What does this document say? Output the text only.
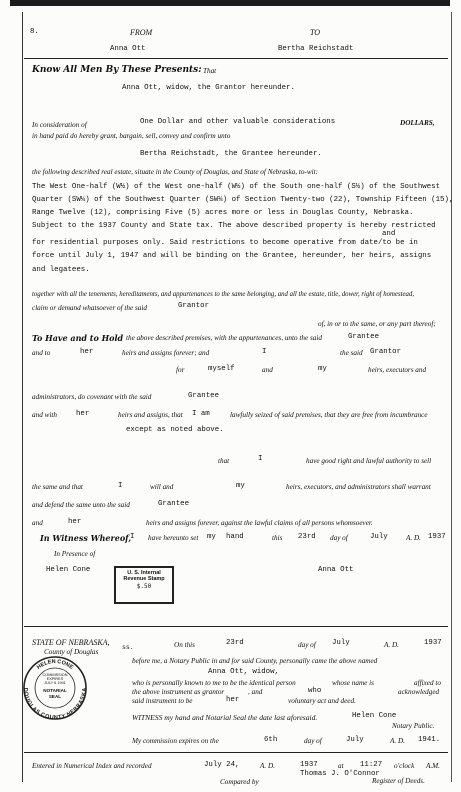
8.	FROM	TO
Anna Ott	Bertha Reichstadt
Know All Men By These Presents: That
Anna Ott, widow, the Grantor hereunder.
In consideration of	One Dollar and other valuable considerations	DOLLARS,
in hand paid do hereby grant, bargain, sell, convey and confirm unto
Bertha Reichstadt, the Grantee hereunder.
the following described real estate, situate in the County of Douglas, and State of Nebraska, to-wit:
The West One-half (W½) of the West one-half (W½) of the South one-half (S½) of the Southwest
Quarter (SW¼) of the Southwest Quarter (SW¼) of Section Twenty-two (22), Township Fifteen (15),
Range Twelve (12), comprising Five (5) acres more or less in Douglas County, Nebraska.
Subject to the 1937 County and State tax. The above described property is hereby restricted
and
for residential purposes only. Said restrictions to become operative from date/to be in
force until July 1, 1947 and will be binding on the Grantee, hereunder, her heirs, assigns
and legatees.
together with all the tenements, hereditaments, and appurtenances to the same belonging, and all the estate, title, dower, right of homestead,
claim or demand whatsoever of the said	Grantor
of, in or to the same, or any part thereof;
To Have and to Hold the above described premises, with the appurtenances, unto the said	Grantee
and to	her	heirs and assigns forever; and	I	the said Grantor
for	myself	and	my	heirs, executors and
administrators, do covenant with the said	Grantee
and with	her	heirs and assigns, that I am	lawfully seized of said premises, that they are free from incumbrance
except as noted above.
that	I	have good right and lawful authority to sell
the same and that	I	will and	my	heirs, executors, and administrators shall warrant
and defend the same unto the said	Grantee
and	her	heirs and assigns forever, against the lawful claims of all persons whomsoever.
In Witness Whereof,
I have hereunto set my hand	this 23rd day of	July	A. D. 1937
In Presence of
Helen Cone	Anna Ott
U. S. Internal
Revenue Stamp
$.50
STATE OF NEBRASKA,
County of Douglas
ss.	On this	23rd	day of July	A. D.	1937
before me, a Notary Public in and for said County, personally came the above named
Anna Ott, widow,
who is personally known to me to be the identical person	whose name is	affixed to
the above instrument as grantor	, and	who	acknowledged
said instrument to be	her	voluntary act and deed.
WITNESS my hand and Notarial Seal the date last aforesaid.	Helen Cone
Notary Public.
My commission expires on the	6th	day of	July	A. D. 1941.
HELEN CONE
DOUGLAS COUNTY NEBRASKA
COMMISSION
EXPIRES
JULY 6 1941
NOTARIAL
SEAL
Entered in Numerical Index and recorded	July 24,	A. D.	1937	at 11:27 o'clock A.M.
Thomas J. O'Connor
Compared by	Register of Deeds.
